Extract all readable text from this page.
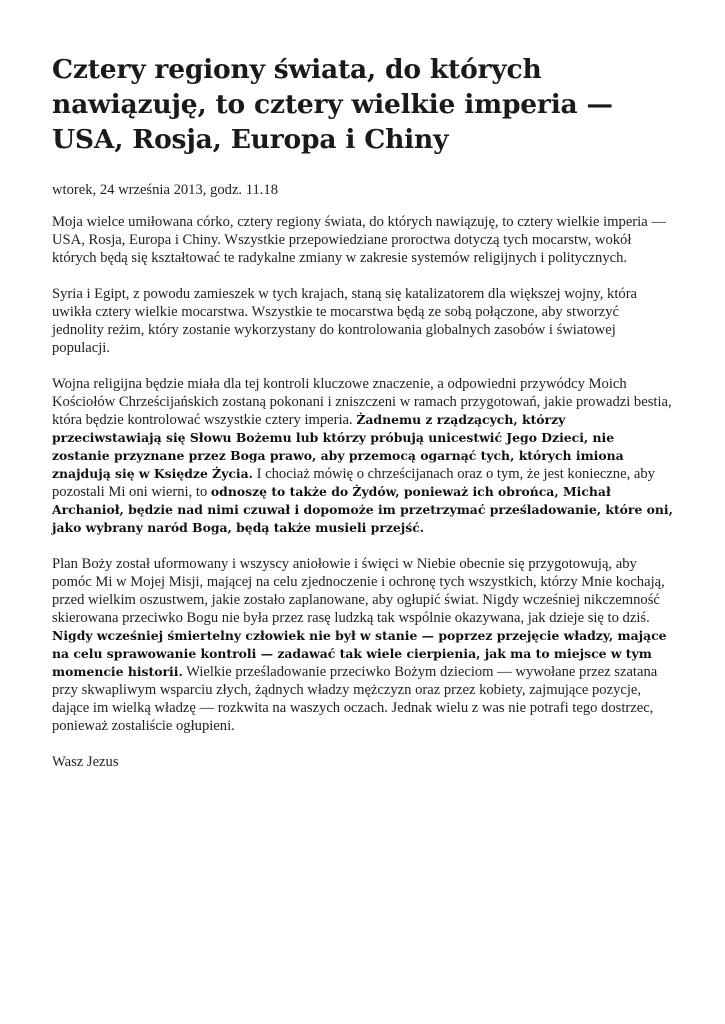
Cztery regiony świata, do których nawiązuję, to cztery wielkie imperia — USA, Rosja, Europa i Chiny
wtorek, 24 września 2013, godz. 11.18

Moja wielce umiłowana córko, cztery regiony świata, do których nawiązuję, to cztery wielkie imperia — USA, Rosja, Europa i Chiny. Wszystkie przepowiedziane proroctwa dotyczą tych mocarstw, wokół których będą się kształtować te radykalne zmiany w zakresie systemów religijnych i politycznych.

Syria i Egipt, z powodu zamieszek w tych krajach, staną się katalizatorem dla większej wojny, która uwikła cztery wielkie mocarstwa. Wszystkie te mocarstwa będą ze sobą połączone, aby stworzyć jednolity reżim, który zostanie wykorzystany do kontrolowania globalnych zasobów i światowej populacji.

Wojna religijna będzie miała dla tej kontroli kluczowe znaczenie, a odpowiedni przywódcy Moich Kościołów Chrześcijańskich zostaną pokonani i zniszczeni w ramach przygotowań, jakie prowadzi bestia, która będzie kontrolować wszystkie cztery imperia. Żadnemu z rządzących, którzy przeciwstawiają się Słowu Bożemu lub którzy próbują unicestwić Jego Dzieci, nie zostanie przyznane przez Boga prawo, aby przemocą ogarnąć tych, których imiona znajdują się w Księdze Życia. I chociaż mówię o chrześcijanach oraz o tym, że jest konieczne, aby pozostali Mi oni wierni, to odnoszę to także do Żydów, ponieważ ich obrońca, Michał Archanioł, będzie nad nimi czuwał i dopomoże im przetrzymać prześladowanie, które oni, jako wybrany naród Boga, będą także musieli przejść.

Plan Boży został uformowany i wszyscy aniołowie i święci w Niebie obecnie się przygotowują, aby pomóc Mi w Mojej Misji, mającej na celu zjednoczenie i ochronę tych wszystkich, którzy Mnie kochają, przed wielkim oszustwem, jakie zostało zaplanowane, aby ogłupić świat. Nigdy wcześniej nikczemność skierowana przeciwko Bogu nie była przez rasę ludzką tak wspólnie okazywana, jak dzieje się to dziś. Nigdy wcześniej śmiertelny człowiek nie był w stanie — poprzez przejęcie władzy, mające na celu sprawowanie kontroli — zadawać tak wiele cierpienia, jak ma to miejsce w tym momencie historii. Wielkie prześladowanie przeciwko Bożym dzieciom — wywołane przez szatana przy skwapliwym wsparciu złych, żądnych władzy mężczyzn oraz przez kobiety, zajmujące pozycje, dające im wielką władzę — rozkwita na waszych oczach. Jednak wielu z was nie potrafi tego dostrzec, ponieważ zostaliście ogłupieni.

Wasz Jezus
